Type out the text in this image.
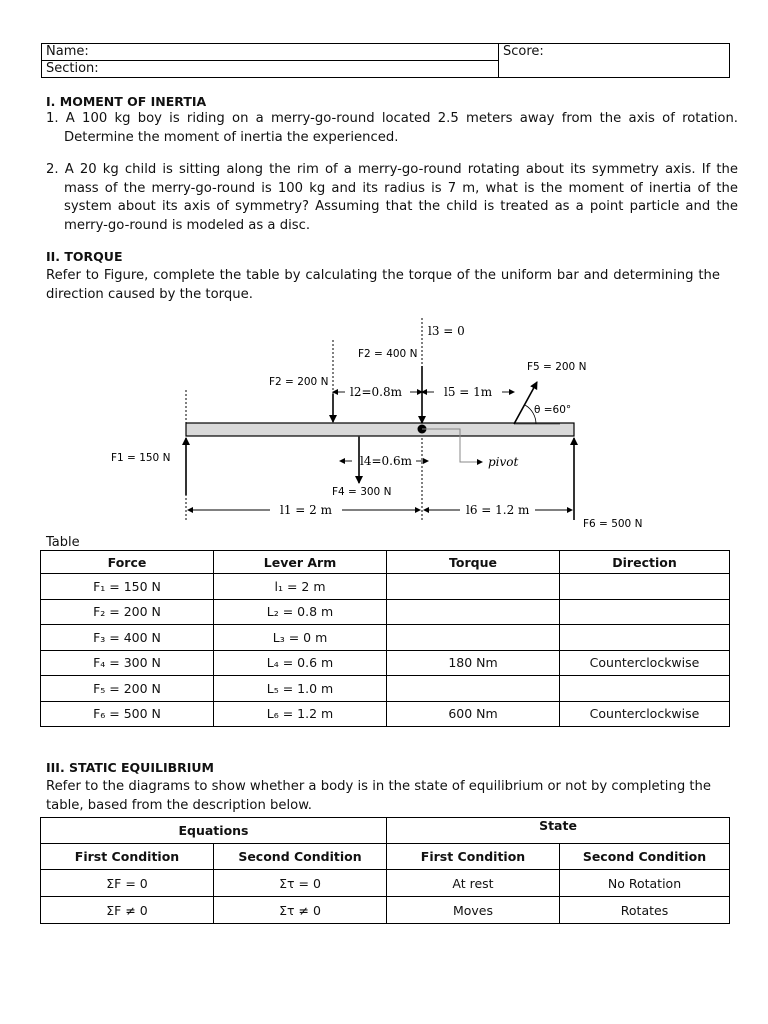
Name:	Score:
Section:
I. MOMENT OF INERTIA
1. A 100 kg boy is riding on a merry-go-round located 2.5 meters away from the axis of rotation. Determine the moment of inertia the experienced.
2. A 20 kg child is sitting along the rim of a merry-go-round rotating about its symmetry axis. If the mass of the merry-go-round is 100 kg and its radius is 7 m, what is the moment of inertia of the system about its axis of symmetry? Assuming that the child is treated as a point particle and the merry-go-round is modeled as a disc.
II. TORQUE
Refer to Figure, complete the table by calculating the torque of the uniform bar and determining the direction caused by the torque.
l3 = 0
F2 = 400 N
F5 = 200 N
F2 = 200 N
l2=0.8m	l5 = 1m
θ =60°
F1 = 150 N	l4=0.6m	pivot
F4 = 300 N
l1 = 2 m	l6 = 1.2 m
F6 = 500 N
Table
Force	Lever Arm	Torque	Direction
F₁ = 150 N	l₁ = 2 m		
F₂ = 200 N	L₂ = 0.8 m		
F₃ = 400 N	L₃ = 0 m		
F₄ = 300 N	L₄ = 0.6 m	180 Nm	Counterclockwise
F₅ = 200 N	L₅ = 1.0 m		
F₆ = 500 N	L₆ = 1.2 m	600 Nm	Counterclockwise
III. STATIC EQUILIBRIUM
Refer to the diagrams to show whether a body is in the state of equilibrium or not by completing the table, based from the description below.
Equations		State	
First Condition	Second Condition	First Condition	Second Condition
ΣF = 0	Στ = 0	At rest	No Rotation
ΣF ≠ 0	Στ ≠ 0	Moves	Rotates
